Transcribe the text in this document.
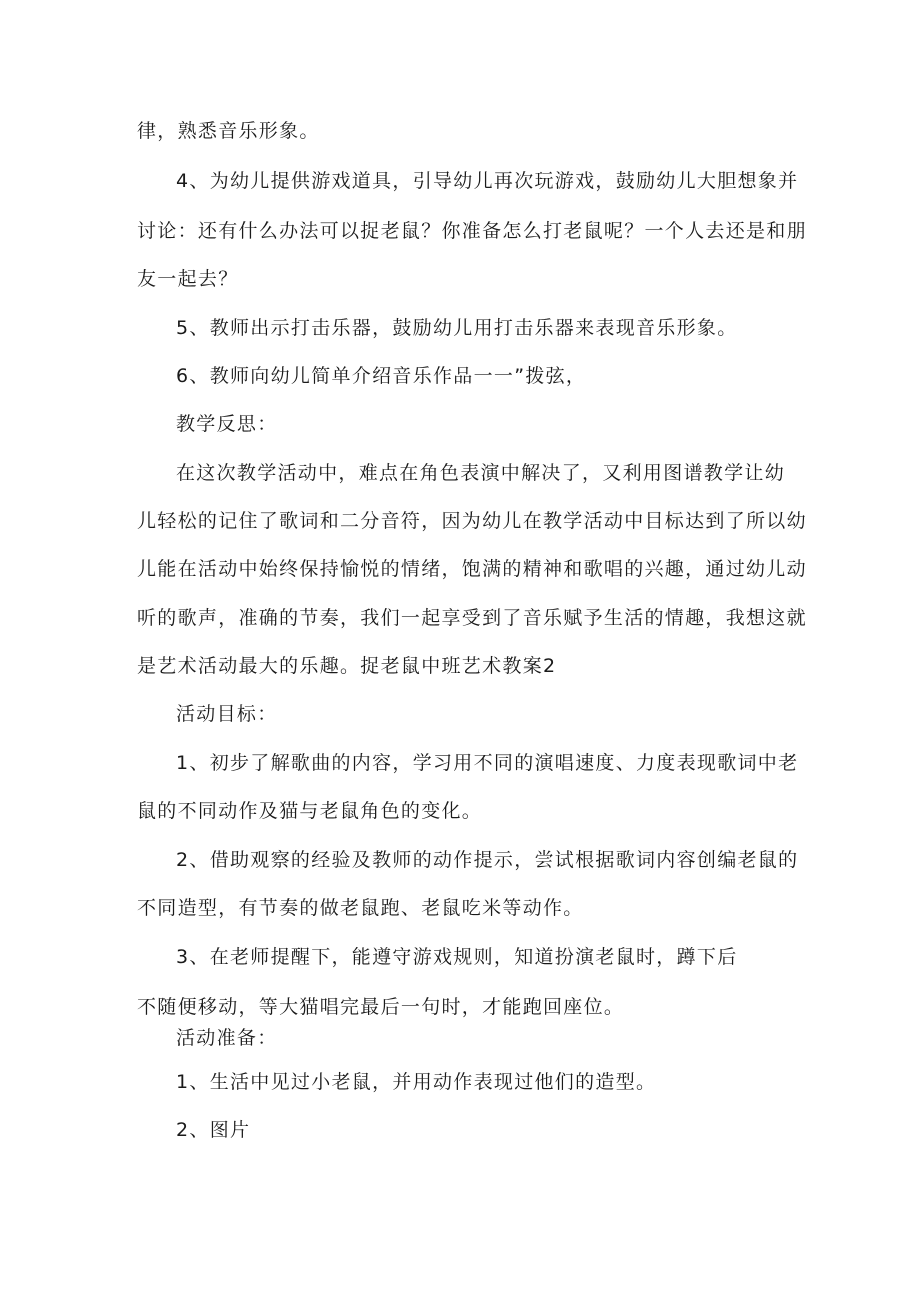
律，熟悉音乐形象。
4、为幼儿提供游戏道具，引导幼儿再次玩游戏，鼓励幼儿大胆想象并
讨论：还有什么办法可以捉老鼠？你准备怎么打老鼠呢？一个人去还是和朋
友一起去？
5、教师出示打击乐器，鼓励幼儿用打击乐器来表现音乐形象。
6、教师向幼儿简单介绍音乐作品一一”拨弦，
教学反思：
在这次教学活动中，难点在角色表演中解决了，又利用图谱教学让幼
儿轻松的记住了歌词和二分音符，因为幼儿在教学活动中目标达到了所以幼
儿能在活动中始终保持愉悦的情绪，饱满的精神和歌唱的兴趣，通过幼儿动
听的歌声，准确的节奏，我们一起享受到了音乐赋予生活的情趣，我想这就
是艺术活动最大的乐趣。捉老鼠中班艺术教案2
活动目标：
1、初步了解歌曲的内容，学习用不同的演唱速度、力度表现歌词中老
鼠的不同动作及猫与老鼠角色的变化。
2、借助观察的经验及教师的动作提示，尝试根据歌词内容创编老鼠的
不同造型，有节奏的做老鼠跑、老鼠吃米等动作。
3、在老师提醒下，能遵守游戏规则，知道扮演老鼠时，蹲下后
不随便移动，等大猫唱完最后一句时，才能跑回座位。
活动准备：
1、生活中见过小老鼠，并用动作表现过他们的造型。
2、图片
